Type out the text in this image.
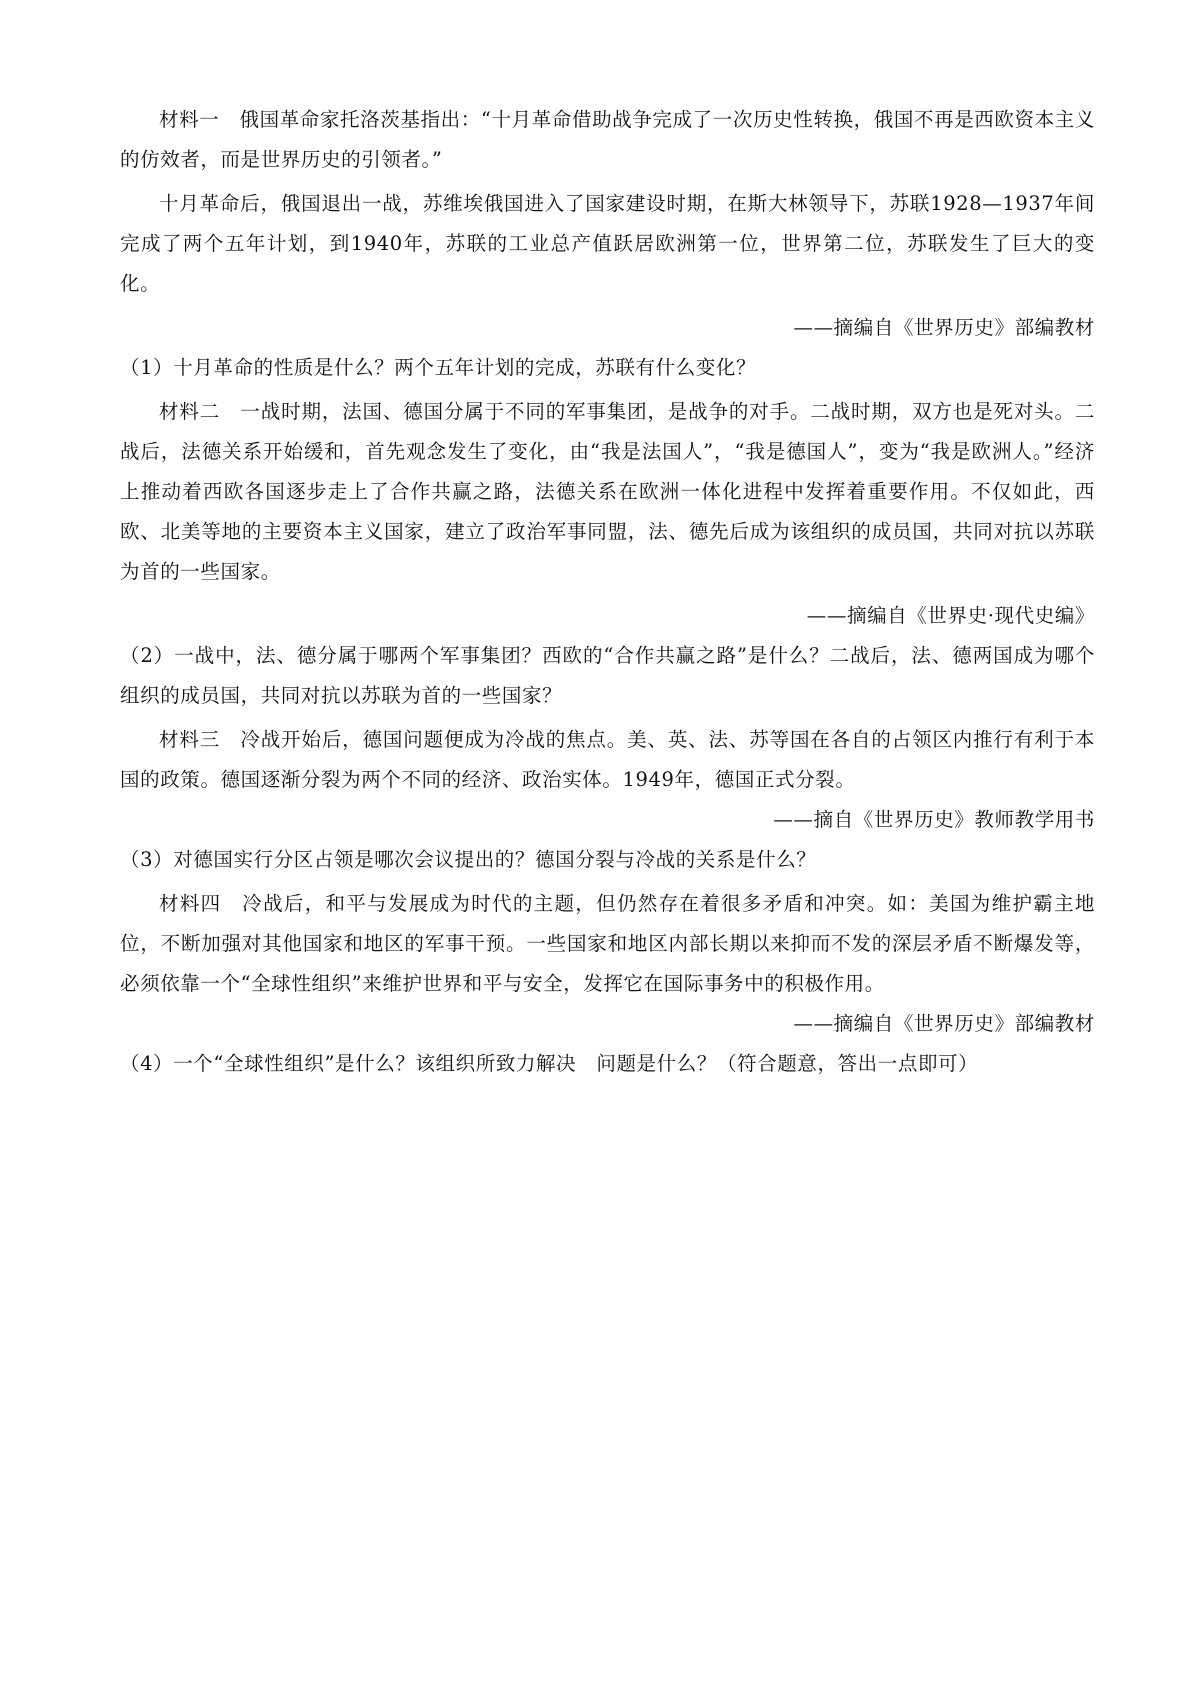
材料一　俄国革命家托洛茨基指出：“十月革命借助战争完成了一次历史性转换，俄国不再是西欧资本主义的仿效者，而是世界历史的引领者。”

十月革命后，俄国退出一战，苏维埃俄国进入了国家建设时期，在斯大林领导下，苏联1928—1937年间完成了两个五年计划，到1940年，苏联的工业总产值跃居欧洲第一位，世界第二位，苏联发生了巨大的变化。

——摘编自《世界历史》部编教材

（1）十月革命的性质是什么？两个五年计划的完成，苏联有什么变化？

材料二　一战时期，法国、德国分属于不同的军事集团，是战争的对手。二战时期，双方也是死对头。二战后，法德关系开始缓和，首先观念发生了变化，由“我是法国人”，“我是德国人”，变为“我是欧洲人。”经济上推动着西欧各国逐步走上了合作共赢之路，法德关系在欧洲一体化进程中发挥着重要作用。不仅如此，西欧、北美等地的主要资本主义国家，建立了政治军事同盟，法、德先后成为该组织的成员国，共同对抗以苏联为首的一些国家。

——摘编自《世界史·现代史编》

（2）一战中，法、德分属于哪两个军事集团？西欧的“合作共赢之路”是什么？二战后，法、德两国成为哪个组织的成员国，共同对抗以苏联为首的一些国家？

材料三　冷战开始后，德国问题便成为冷战的焦点。美、英、法、苏等国在各自的占领区内推行有利于本国的政策。德国逐渐分裂为两个不同的经济、政治实体。1949年，德国正式分裂。

——摘自《世界历史》教师教学用书

（3）对德国实行分区占领是哪次会议提出的？德国分裂与冷战的关系是什么？

材料四　冷战后，和平与发展成为时代的主题，但仍然存在着很多矛盾和冲突。如：美国为维护霸主地位，不断加强对其他国家和地区的军事干预。一些国家和地区内部长期以来抑而不发的深层矛盾不断爆发等，必须依靠一个“全球性组织”来维护世界和平与安全，发挥它在国际事务中的积极作用。

——摘编自《世界历史》部编教材

（4）一个“全球性组织”是什么？该组织所致力解决　问题是什么？（符合题意，答出一点即可）
